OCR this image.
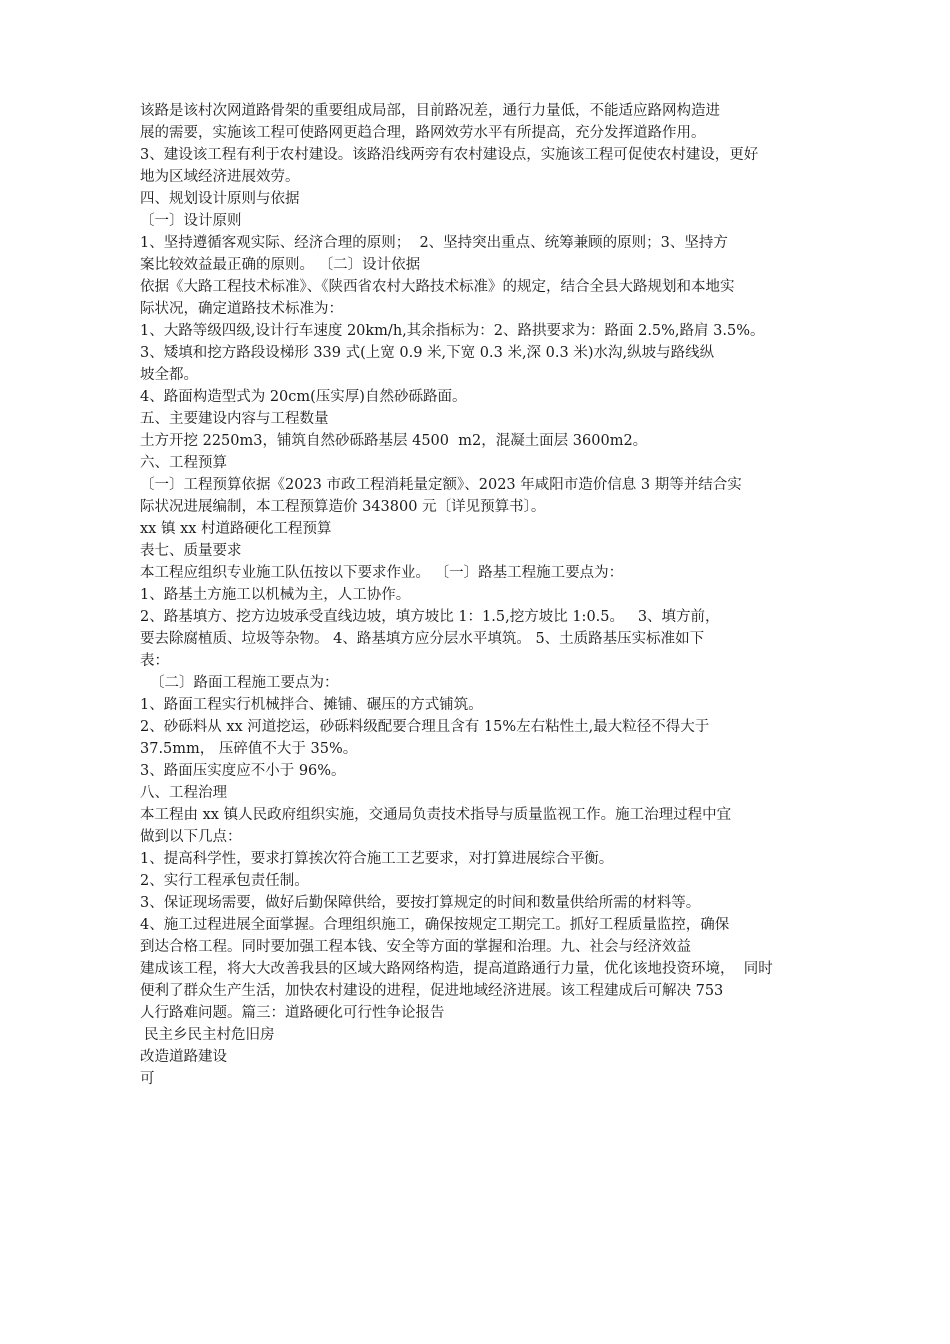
该路是该村次网道路骨架的重要组成局部，目前路况差，通行力量低，不能适应路网构造进
展的需要，实施该工程可使路网更趋合理，路网效劳水平有所提高，充分发挥道路作用。
3、建设该工程有利于农村建设。该路沿线两旁有农村建设点，实施该工程可促使农村建设，更好
地为区域经济进展效劳。
四、规划设计原则与依据
〔一〕设计原则
1、坚持遵循客观实际、经济合理的原则；  2、坚持突出重点、统筹兼顾的原则；3、坚持方
案比较效益最正确的原则。 〔二〕设计依据
依据《大路工程技术标准》、《陕西省农村大路技术标准》的规定，结合全县大路规划和本地实
际状况，确定道路技术标准为：
1、大路等级四级,设计行车速度 20km/h,其余指标为：2、路拱要求为：路面 2.5%,路肩 3.5%。
3、矮填和挖方路段设梯形 339 式(上宽 0.9 米,下宽 0.3 米,深 0.3 米)水沟,纵坡与路线纵
坡全都。
4、路面构造型式为 20cm(压实厚)自然砂砾路面。
五、主要建设内容与工程数量
土方开挖 2250m3，铺筑自然砂砾路基层 4500  m2，混凝土面层 3600m2。
六、工程预算
〔一〕工程预算依据《2023 市政工程消耗量定额》、2023 年咸阳市造价信息 3 期等并结合实
际状况进展编制，本工程预算造价 343800 元〔详见预算书〕。
xx 镇 xx 村道路硬化工程预算
表七、质量要求
本工程应组织专业施工队伍按以下要求作业。 〔一〕路基工程施工要点为：
1、路基土方施工以机械为主，人工协作。
2、路基填方、挖方边坡承受直线边坡，填方坡比 1：1.5,挖方坡比 1:0.5。   3、填方前，
要去除腐植质、垃圾等杂物。 4、路基填方应分层水平填筑。 5、土质路基压实标准如下
表：
〔二〕路面工程施工要点为：
1、路面工程实行机械拌合、摊铺、碾压的方式铺筑。
2、砂砾料从 xx 河道挖运，砂砾料级配要合理且含有 15%左右粘性土,最大粒径不得大于
37.5mm， 压碎值不大于 35%。
3、路面压实度应不小于 96%。
八、工程治理
本工程由 xx 镇人民政府组织实施，交通局负责技术指导与质量监视工作。施工治理过程中宜
做到以下几点：
1、提高科学性，要求打算挨次符合施工工艺要求，对打算进展综合平衡。
2、实行工程承包责任制。
3、保证现场需要，做好后勤保障供给，要按打算规定的时间和数量供给所需的材料等。
4、施工过程进展全面掌握。合理组织施工，确保按规定工期完工。抓好工程质量监控，确保
到达合格工程。同时要加强工程本钱、安全等方面的掌握和治理。九、社会与经济效益
建成该工程，将大大改善我县的区域大路网络构造，提高道路通行力量，优化该地投资环境，  同时
便利了群众生产生活，加快农村建设的进程，促进地域经济进展。该工程建成后可解决 753
人行路难问题。篇三：道路硬化可行性争论报告
民主乡民主村危旧房
改造道路建设
可
